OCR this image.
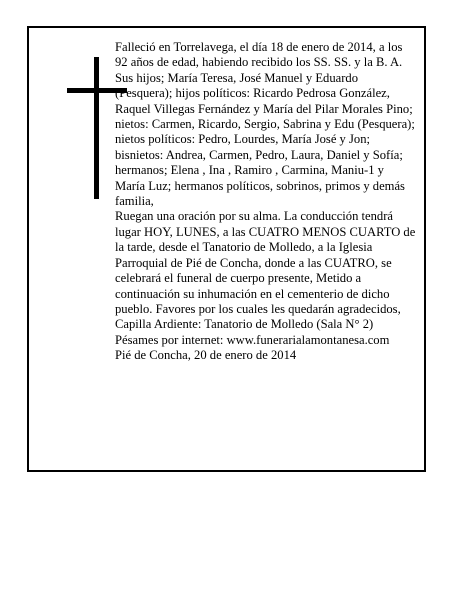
Falleció en Torrelavega, el día 18 de enero de 2014, a los 92 años de edad, habiendo recibido los SS. SS. y la B. A.

Sus hijos; María Teresa, José Manuel y Eduardo (Pesquera); hijos políticos: Ricardo Pedrosa González, Raquel Villegas Fernández y María del Pilar Morales Pino; nietos: Carmen, Ricardo, Sergio, Sabrina y Edu (Pesquera); nietos políticos: Pedro, Lourdes, María José y Jon; bisnietos: Andrea, Carmen, Pedro, Laura, Daniel y Sofía; hermanos; Elena , Ina , Ramiro , Carmina, Maniu-1 y María Luz; hermanos políticos, sobrinos, primos y demás familia,

Ruegan una oración por su alma. La conducción tendrá lugar HOY, LUNES, a las CUATRO MENOS CUARTO de la tarde, desde el Tanatorio de Molledo, a la Iglesia Parroquial de Pié de Concha, donde a las CUATRO, se celebrará el funeral de cuerpo presente, Metido a continuación su inhumación en el cementerio de dicho pueblo. Favores por los cuales les quedarán agradecidos, Capilla Ardiente: Tanatorio de Molledo (Sala N° 2)

Pésames por internet: www.funerarialamontanesa.com

Pié de Concha, 20 de enero de 2014
